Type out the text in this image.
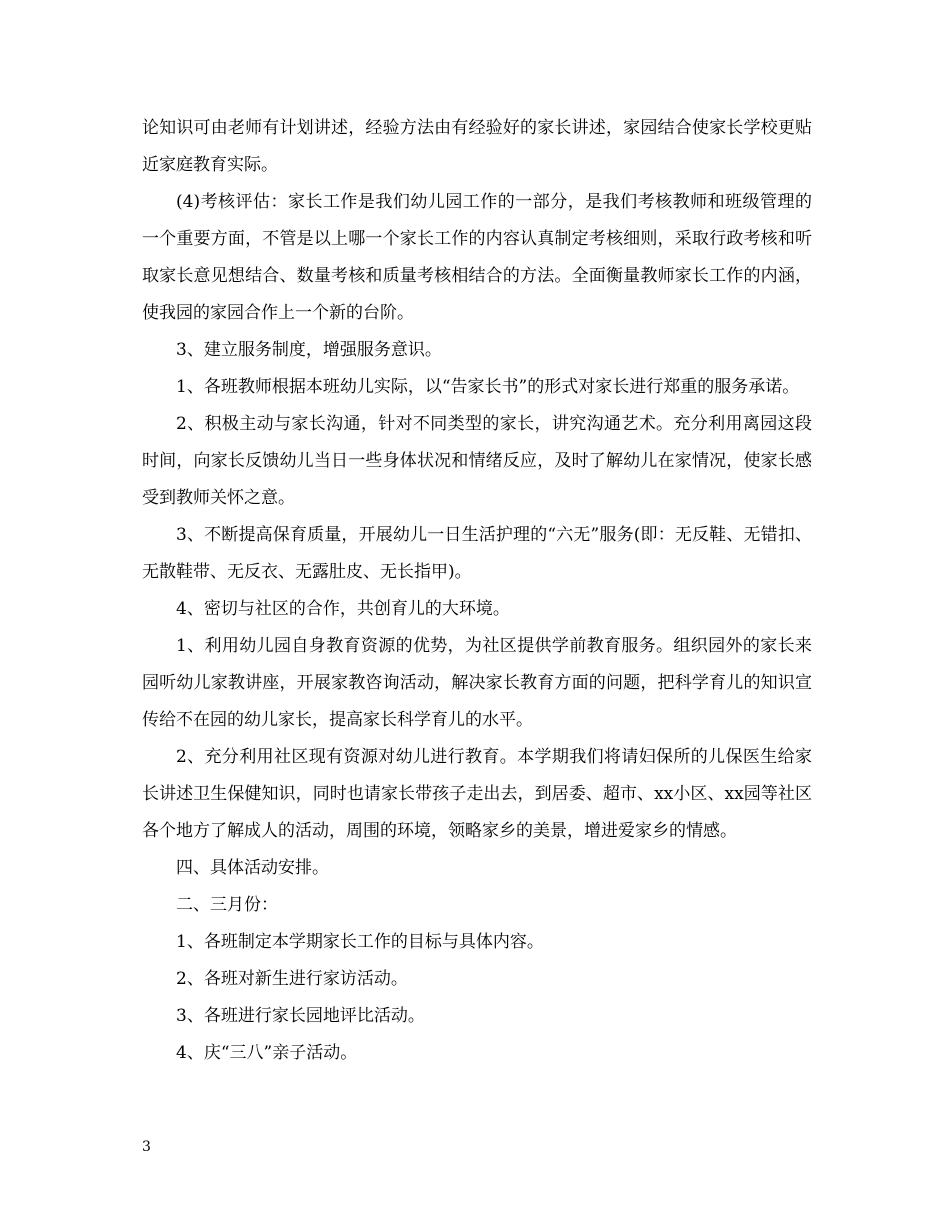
论知识可由老师有计划讲述，经验方法由有经验好的家长讲述，家园结合使家长学校更贴近家庭教育实际。

(4)考核评估：家长工作是我们幼儿园工作的一部分，是我们考核教师和班级管理的一个重要方面，不管是以上哪一个家长工作的内容认真制定考核细则，采取行政考核和听取家长意见想结合、数量考核和质量考核相结合的方法。全面衡量教师家长工作的内涵，使我园的家园合作上一个新的台阶。

3、建立服务制度，增强服务意识。

1、各班教师根据本班幼儿实际，以“告家长书”的形式对家长进行郑重的服务承诺。

2、积极主动与家长沟通，针对不同类型的家长，讲究沟通艺术。充分利用离园这段时间，向家长反馈幼儿当日一些身体状况和情绪反应，及时了解幼儿在家情况，使家长感受到教师关怀之意。

3、不断提高保育质量，开展幼儿一日生活护理的“六无”服务(即：无反鞋、无错扣、无散鞋带、无反衣、无露肚皮、无长指甲)。

4、密切与社区的合作，共创育儿的大环境。

1、利用幼儿园自身教育资源的优势，为社区提供学前教育服务。组织园外的家长来园听幼儿家教讲座，开展家教咨询活动，解决家长教育方面的问题，把科学育儿的知识宣传给不在园的幼儿家长，提高家长科学育儿的水平。

2、充分利用社区现有资源对幼儿进行教育。本学期我们将请妇保所的儿保医生给家长讲述卫生保健知识，同时也请家长带孩子走出去，到居委、超市、xx小区、xx园等社区各个地方了解成人的活动，周围的环境，领略家乡的美景，增进爱家乡的情感。

四、具体活动安排。

二、三月份：

1、各班制定本学期家长工作的目标与具体内容。

2、各班对新生进行家访活动。

3、各班进行家长园地评比活动。

4、庆“三八”亲子活动。

3
